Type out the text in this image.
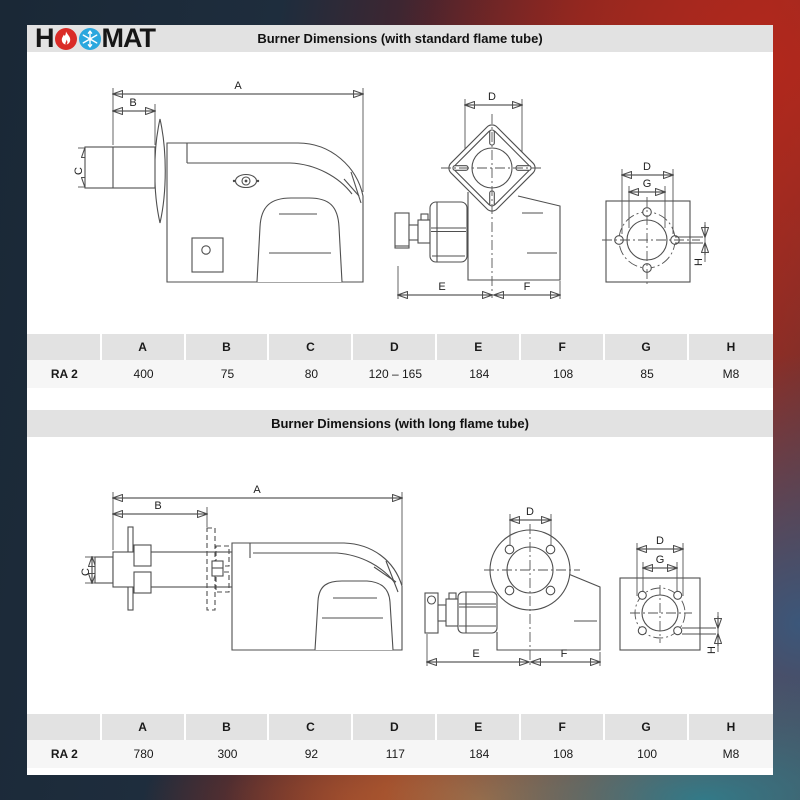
H MAT	Burner Dimensions (with standard flame tube)
A
B
C
D
E	F
D
G
H
A	B	C	D	E	F	G	H
RA 2	400	75	80	120 – 165	184	108	85	M8
Burner Dimensions (with long flame tube)
A
B
C
D
E	F
D
G
H
A	B	C	D	E	F	G	H
RA 2	780	300	92	117	184	108	100	M8
